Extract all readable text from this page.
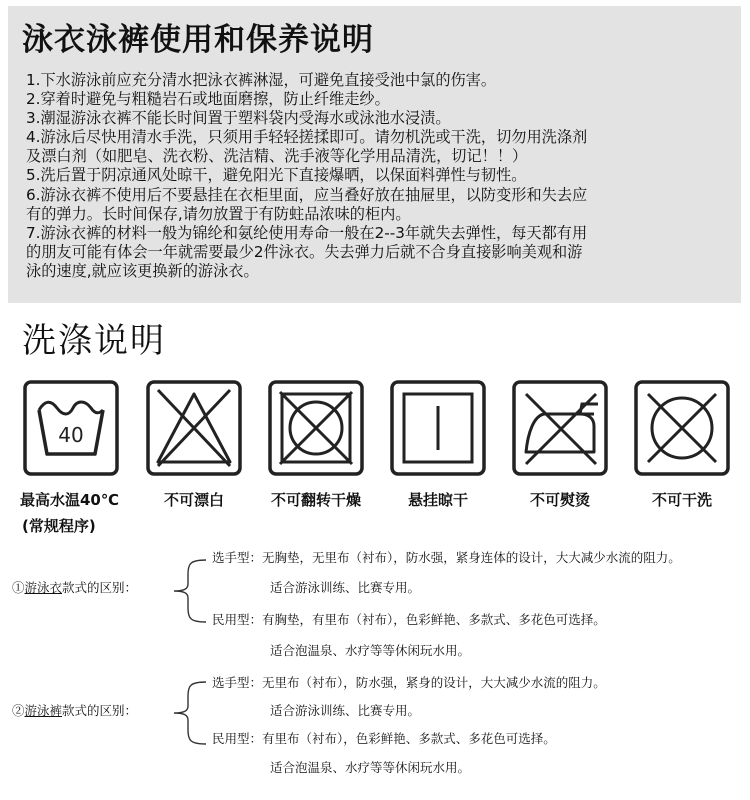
泳衣泳裤使用和保养说明
1.下水游泳前应充分清水把泳衣裤淋湿，可避免直接受池中氯的伤害。
2.穿着时避免与粗糙岩石或地面磨擦，防止纤维走纱。
3.潮湿游泳衣裤不能长时间置于塑料袋内受海水或泳池水浸渍。
4.游泳后尽快用清水手洗，只须用手轻轻搓揉即可。请勿机洗或干洗，切勿用洗涤剂
及漂白剂（如肥皂、洗衣粉、洗洁精、洗手液等化学用品清洗，切记！！）
5.洗后置于阴凉通风处晾干，避免阳光下直接爆晒，以保面料弹性与韧性。
6.游泳衣裤不使用后不要悬挂在衣柜里面，应当叠好放在抽屉里，以防变形和失去应
有的弹力。长时间保存,请勿放置于有防蛀品浓味的柜内。
7.游泳衣裤的材料一般为锦纶和氨纶使用寿命一般在2--3年就失去弹性，每天都有用
的朋友可能有体会一年就需要最少2件泳衣。失去弹力后就不合身直接影响美观和游
泳的速度,就应该更换新的游泳衣。
洗涤说明
40
最高水温40℃	不可漂白	不可翻转干燥	悬挂晾干	不可熨烫	不可干洗
(常规程序)
①游泳衣款式的区别：
选手型：无胸垫，无里布（衬布），防水强，紧身连体的设计，大大减少水流的阻力。
适合游泳训练、比赛专用。
民用型：有胸垫，有里布（衬布），色彩鲜艳、多款式、多花色可选择。
适合泡温泉、水疗等等休闲玩水用。
②游泳裤款式的区别：
选手型：无里布（衬布），防水强，紧身的设计，大大减少水流的阻力。
适合游泳训练、比赛专用。
民用型：有里布（衬布），色彩鲜艳、多款式、多花色可选择。
适合泡温泉、水疗等等休闲玩水用。
